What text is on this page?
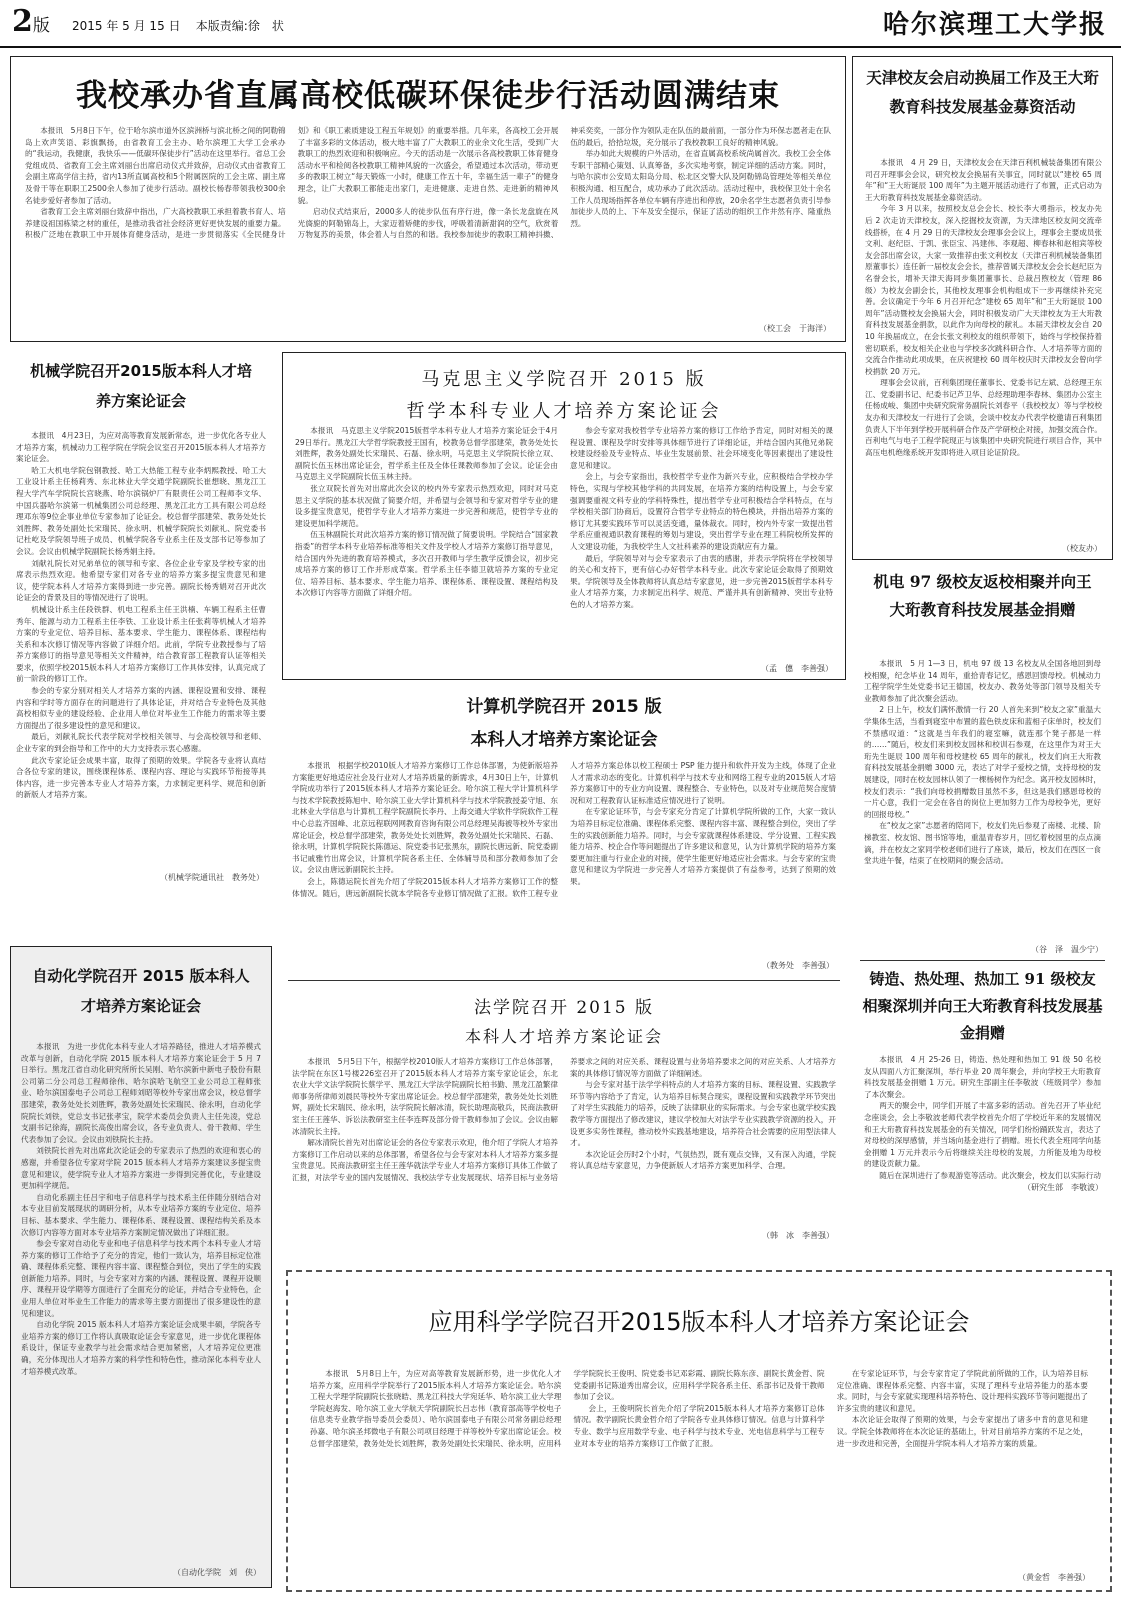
2版 2015 年 5 月 15 日 本版责编:徐　状	哈尔滨理工大学报
我校承办省直属高校低碳环保徒步行活动圆满结束

本报讯　5月8日下午，位于哈尔滨市道外区滨洲桥与滨北桥之间的阿勒锦岛上欢声笑语、彩旗飘扬，由省教育工会主办、哈尔滨理工大学工会承办的“我运动，我健康，我快乐——低碳环保徒步行”活动在这里举行。省总工会党组成员、省教育工会主席刘丽台出席启动仪式并致辞，启动仪式由省教育工会副主席高学信主持，省内13所直属高校和5个附属医院的工会主席、副主席及骨干等在职职工2500余人参加了徒步行活动。副校长杨春带领我校300余名徒步爱好者参加了活动。

省教育工会主席刘丽台致辞中指出，广大高校教职工承担着教书育人、培养建设祖国栋梁之材的重任，是推动我省社会经济更好更快发展的重要力量。积极广泛地在教职工中开展体育健身活动，是进一步贯彻落实《全民健身计划》和《职工素质建设工程五年规划》的重要举措。几年来，各高校工会开展了丰富多彩的文体活动，极大地丰富了广大教职工的业余文化生活，受到广大教职工的热烈欢迎和积极响应。今天的活动是一次展示各高校教职工体育健身活动水平和检阅各校教职工精神风貌的一次盛会，希望通过本次活动，带动更多的教职工树立“每天锻炼一小时，健康工作五十年，幸福生活一辈子”的健身理念，让广大教职工都能走出家门，走进健康、走进自然、走进新的精神风貌。

启动仪式结束后，2000多人的徒步队伍有序行进，像一条长龙盘旋在风光旖旎的阿勒锦岛上，大家迈着矫健的步伐，呼吸着清新甜润的空气，欣赏着万物复苏的美景，体会着人与自然的和谐。我校参加徒步的教职工精神抖擞、神采奕奕，一部分作为领队走在队伍的最前面，一部分作为环保志愿者走在队伍的最后，拾拾垃圾，充分展示了我校教职工良好的精神风貌。

举办如此大规模的户外活动，在省直属高校系统尚属首次。我校工会全体专职干部精心策划、认真筹备，多次实地考察，制定详细的活动方案。同时，与哈尔滨市公安局太阳岛分局、松北区交警大队及阿勒锦岛管理处等相关单位积极沟通、相互配合，成功承办了此次活动。活动过程中，我校保卫处十余名工作人员现场指挥各单位车辆有序进出和停放，20余名学生志愿者负责引导参加徒步人员的上、下车及安全提示，保证了活动的组织工作井然有序、隆重热烈。

（校工会　于海洋）
天津校友会启动换届工作及王大珩教育科技发展基金募资活动

本报讯　4 月 29 日，天津校友会在天津百利机械装备集团有限公司召开理事会会议，研究校友会换届有关事宜，同时就以“建校 65 周年”和“王大珩诞辰 100 周年”为主题开展活动进行了布置，正式启动为王大珩教育科技发展基金募资活动。

今年 3 月以来，按照校友总会会长、校长李大勇指示，校友办先后 2 次走访天津校友，深入挖掘校友资源，为天津地区校友间交流牵线搭桥，在 4 月 29 日的天津校友会理事会会议上，理事会主要成员张文利、赵纪臣、于凯、张臣宝、冯建伟、李观超、柳春林和赵相宾等校友会部出席会议，大家一致推荐由张文利校友（天津百利机械装备集团原董事长）连任新一届校友会会长，推荐曾属天津校友会会长赵纪臣为名誉会长，增补天津天海同步集团董事长、总裁吕煦校友（管理 86 级）为校友会副会长，其他校友理事会机构组成下一步再继续补充完善。会议确定于今年 6 月召开纪念“建校 65 周年”和“王大珩诞辰 100 周年”活动暨校友会换届大会，同时积极发动广大天津校友为王大珩教育科技发展基金捐款，以此作为向母校的献礼。本届天津校友会自 2010 年换届成立，在会长张文利校友的组织带领下，始终与学校保持着密切联系，校友相关企业也与学校多次跳科研合作、人才培养等方面的交流合作推动此项成果，在庆祝建校 60 周年校庆时天津校友会曾向学校捐款 20 万元。

理事会会议前，百利集团现任董事长、党委书记左斌、总经理王东江、党委副书记、纪委书记芦卫华、总经理助理李春林、集团办公室主任杨成峻、集团中央研究院常务副院长刘春平（我校校友）等与学校校友办和天津校友一行进行了会谈，会谈中校友办代表学校邀请百利集团负责人下半年到学校开展科研合作及产学研校企对接，加强交流合作。百利电气与电子工程学院现正与该集团中央研究院进行项目合作，其中高压电机绝缘系统开发即将进入项目论证阶段。

（校友办）
机电 97 级校友返校相聚并向王大珩教育科技发展基金捐赠

本报讯　5 月 1—3 日，机电 97 级 13 名校友从全国各地回到母校相聚，纪念毕业 14 周年，重拾青春记忆，感恩回馈母校。机械动力工程学院学生处党委书记王德国，校友办、教务处等部门领导及相关专业教师参加了此次聚会活动。

2 日上午，校友们满怀激情一行 20 人首先来到“校友之家”重温大学集体生活，当看到寝室中布置的蓝色铁皮床和蓝相子床单时，校友们不禁感叹道：“这就是当年我们的寝室嘛，就连那个凳子都是一样的……”随后，校友们来到校友园林和校训石参观，在这里作为对王大珩先生诞辰 100 周年和母校建校 65 周年的献礼，校友们向王大珩教育科技发展基金捐赠 3000 元，表达了对学子爱校之情，支持母校的发展建设，同时在校友园林认领了一棵杨树作为纪念。离开校友园林时，校友们表示：“我们向母校捐赠数目虽然不多，但这是我们感恩母校的一片心意，我们一定会在各自的岗位上更加努力工作为母校争光，更好的回报母校。”

在“校友之家”志愿者的陪同下，校友们先后参观了南楼、北楼、阶梯教室、校友馆、图书馆等地，重温青春岁月，回忆着校园里的点点滴滴，并在校友之家同学校老师们进行了座谈，最后，校友们在西区一食堂共进午餐，结束了在校期间的聚会活动。

（谷　泽　温少宁）
铸造、热处理、热加工 91 级校友相聚深圳并向王大珩教育科技发展基金捐赠

本报讯　4 月 25-26 日，铸造、热处理和热加工 91 级 50 名校友从四面八方汇聚深圳，举行毕业 20 周年聚会，并向学校王大珩教育科技发展基金捐赠 1 万元。研究生部副主任李敬波（班级同学）参加了本次聚会。

两天的聚会中，同学们开展了丰富多彩的活动。首先召开了毕业纪念座谈会，会上李敬波老师代表学校首先介绍了学校近年来的发展情况和王大珩教育科技发展基金的有关情况，同学们纷纷踊跃发言，表达了对母校的深厚感情，并当场向基金进行了捐赠。班长代表全班同学向基金捐赠 1 万元并表示今后将继续关注母校的发展，力所能及地为母校的建设贡献力量。

随后在深圳进行了参观游览等活动。此次聚会，校友们以实际行动

（研究生部　李敬波）
机械学院召开2015版本科人才培养方案论证会

本报讯　4月23日，为应对高等教育发展新常态，进一步优化各专业人才培养方案，机械动力工程学院在学院会议室召开2015版本科人才培养方案论证会。

哈工大机电学院包钢教授、哈工大热能工程专业李炳熙教授、哈工大工业设计系主任杨莉秀、东北林业大学交通学院副院长崔想晓、黑龙江工程大学汽车学院院长宫晓燕、哈尔滨锅炉厂有限责任公司工程师李文华、中国兵器哈尔滨第一机械集团公司总经理、黑龙江北方工具有限公司总经理邓东等9位企事业单位专家参加了论证会。校总督学邵建荣、教务处处长刘胜辉、教务处副处长宋瑞民、徐永明、机械学院院长刘献礼、院党委书记杜屹及学院领导班子成员、机械学院各专业系主任及支部书记等参加了会议。会议由机械学院副院长杨秀娟主持。

刘献礼院长对兄弟单位的领导和专家、各位企业专家及学校专家的出席表示热烈欢迎。他希望专家们对各专业的培养方案多提宝贵意见和建议，使学院本科人才培养方案得到进一步完善。副院长杨秀娟对召开此次论证会的背景及目的等情况进行了说明。

机械设计系主任段铁群、机电工程系主任王洪楠、车辆工程系主任曹秀年、能源与动力工程系主任李铁、工业设计系主任张莉等机械人才培养方案的专业定位、培养目标、基本要求、学生能力、课程体系、课程结构关系和本次修订情况等内容做了详细介绍。此前，学院专业教授参与了培养方案修订的指导意见等相关文件精神，结合教育部工程教育认证等相关要求，依照学校2015版本科人才培养方案修订工作具体安排，认真完成了前一阶段的修订工作。

参会的专家分别对相关人才培养方案的内涵、课程设置和安排、课程内容和学时等方面存在的问题进行了具体论证，并对结合专业特色及其他高校相似专业的建设经验、企业用人单位对毕业生工作能力的需求等主要方面提出了很多建设性的意见和建议。

最后，刘献礼院长代表学院对学校相关领导、与会高校领导和老师、企业专家的到会指导和工作中的大力支持表示衷心感谢。

此次专家论证会成果丰富，取得了预期的效果。学院各专业将认真结合各位专家的建议，围绕课程体系、课程内容、理论与实践环节衔接等具体内容，进一步完善本专业人才培养方案，力求制定更科学、规范和创新的新版人才培养方案。

（机械学院通讯社　教务处）
自动化学院召开 2015 版本科人才培养方案论证会

本报讯　为进一步优化本科专业人才培养路径，推进人才培养模式改革与创新，自动化学院 2015 版本科人才培养方案论证会于 5 月 7 日举行。黑龙江省自动化研究所所长吴刚、哈尔滨新中新电子股份有限公司第二分公司总工程师徐伟、哈尔滨哈飞航空工业公司总工程师张业、哈尔滨国泰电子公司总工程师刘昭等校外专家出席会议，校总督学邵建荣，教务处处长刘胜辉，教务处副处长宋瑞民、徐永明，自动化学院院长刘铁，党总支书记张孝宝，院学术委员会负责人主任先凌，党总支副书记徐海，副院长高俊出席会议，各专业负责人、骨干教师、学生代表参加了会议。会议由刘铁院长主持。

刘铁院长首先对出席此次论证会的专家表示了热烈的欢迎和衷心的感谢，并希望各位专家对学院 2015 版本科人才培养方案建议多提宝贵意见和建议，使学院专业人才培养方案进一步得到完善优化，专业建设更加科学规范。

自动化系副主任吕宇和电子信息科学与技术系主任伴随分别结合对本专业目前发展现状的调研分析，从本专业培养方案的专业定位、培养目标、基本要求、学生能力、课程体系、课程设置、课程结构关系及本次修订内容等方面对本专业培养方案制定情况做出了详细汇报。

参会专家对自动化专业和电子信息科学与技术两个本科专业人才培养方案的修订工作给予了充分的肯定，他们一致认为，培养目标定位准确、课程体系完整、课程内容丰富、课程整合到位，突出了学生的实践创新能力培养。同时，与会专家对方案的内涵、课程设置、课程开设顺序、课程开设学期等方面进行了全面充分的论证，并结合专业特色，企业用人单位对毕业生工作能力的需求等主要方面提出了很多建设性的意见和建议。

自动化学院 2015 版本科人才培养方案论证会成果丰硕，学院各专业培养方案的修订工作将认真吸取论证会专家意见，进一步优化课程体系设计，保证专业教学与社会需求结合更加紧密，人才培养定位更准确，充分体现出人才培养方案的科学性和特色性，推动深化本科专业人才培养模式改革。

（自动化学院　刘　侠）
马克思主义学院召开 2015 版
哲学本科专业人才培养方案论证会

本报讯　马克思主义学院2015版哲学本科专业人才培养方案论证会于4月29日举行。黑龙江大学哲学院教授王国有，校教务总督学邵建荣，教务处处长刘胜辉，教务处副处长宋瑞民、石磊、徐永明，马克思主义学院院长徐立双、副院长伍玉林出席论证会，哲学系主任及全体任课教师参加了会议。论证会由马克思主义学院副院长伍玉林主持。

张立双院长首先对出席此次会议的校内外专家表示热烈欢迎，同时对马克思主义学院的基本状况做了简要介绍，并希望与会领导和专家对哲学专业的建设多提宝贵意见，使哲学专业人才培养方案进一步完善和规范，使哲学专业的建设更加科学规范。

伍玉林副院长对此次培养方案的修订情况做了简要说明。学院结合“国家教指委”的哲学本科专业培养标准等相关文件及学校人才培养方案修订指导意见，结合国内外先进的教育培养模式，多次召开教师与学生教学反馈会议，初步完成培养方案的修订工作并形成草案。哲学系主任李德卫就培养方案的专业定位、培养目标、基本要求、学生能力培养、课程体系、课程设置、课程结构及本次修订内容等方面做了详细介绍。

参会专家对我校哲学专业培养方案的修订工作给予肯定，同时对相关的课程设置、课程及学时安排等具体细节进行了详细论证，并结合国内其他兄弟院校建设经验及专业特点、毕业生发展前景、社会环境变化等因素提出了建设性意见和建议。

会上，与会专家指出，我校哲学专业作为新兴专业，应积极结合学校办学特色，实现与学校其他学科的共同发展，在培养方案的结构设置上，与会专家强调要重视文科专业的学科特殊性，提出哲学专业可积极结合学科特点，在与学校相关部门协商后，设置符合哲学专业特点的特色模块，并指出培养方案的修订尤其要实践环节可以灵活变通，量体裁衣。同时，校内外专家一致提出哲学系应重视通识教育课程的筹划与建设，突出哲学专业在理工科院校所发挥的人文建设功能，为我校学生人文社科素养的建设贡献应有力量。

最后，学院领导对与会专家表示了由衷的感谢，并表示学院将在学校领导的关心和支持下，更有信心办好哲学本科专业。此次专家论证会取得了预期效果。学院领导及全体教师将认真总结专家意见，进一步完善2015版哲学本科专业人才培养方案，力求制定出科学、规范、严谨并具有创新精神、突出专业特色的人才培养方案。

（孟　僡　李善强）
计算机学院召开 2015 版
本科人才培养方案论证会

本报讯　根据学校2010版人才培养方案修订工作总体部署，为使新版培养方案能更好地适应社会及行业对人才培养质量的新需求，4月30日上午，计算机学院成功举行了2015版本科人才培养方案论证会。哈尔滨工程大学计算机科学与技术学院教授陈旭中、哈尔滨工业大学计算机科学与技术学院教授姜守旭、东北林业大学信息与计算机工程学院副院长李丹、上海交通大学软件学院软件工程中心总监齐国峰、北京远程联网网教育咨询有限公司总经理吴海被等校外专家出席论证会，校总督学邵建荣，教务处处长刘胜辉，教务处副处长宋瑞民、石磊、徐永明，计算机学院院长陈德运、院党委书记张黑东，副院长唐远新、院党委副书记戚雅竹出席会议，计算机学院各系主任、全体辅导员和部分教师参加了会议。会议由唐远新副院长主持。

会上，陈德运院长首先介绍了学院2015版本科人才培养方案修订工作的整体情况。随后，唐远新副院长就本学院各专业修订情况做了汇报。软件工程专业人才培养方案总体以校工程硕士 PSP 能力提升和软件开发为主线，体现了企业人才需求动态的变化。计算机科学与技术专业和网络工程专业的2015版人才培养方案修订中的专业方向设置、课程整合、专业特色，以及对专业规范契合度情况和对工程教育认证标准适应情况进行了说明。

在专家论证环节，与会专家充分肯定了计算机学院所做的工作，大家一致认为培养目标定位准确、课程体系完整、课程内容丰富、课程整合到位，突出了学生的实践创新能力培养。同时，与会专家就课程体系建设、学分设置、工程实践能力培养、校企合作等问题提出了许多建议和意见，认为计算机学院的培养方案要更加注重与行业企业的对接，使学生能更好地适应社会需求。与会专家的宝贵意见和建议为学院进一步完善人才培养方案提供了有益参考，达到了预期的效果。

（教务处　李善强）
法学院召开 2015 版
本科人才培养方案论证会

本报讯　5月5日下午，根据学校2010版人才培养方案修订工作总体部署，法学院在东区1号楼226室召开了2015版本科人才培养方案专家论证会，东北农业大学文法学院院长蔡学平、黑龙江大学法学院副院长柏书勤、黑龙江盈繁律师事务所律师刘晨民等校外专家出席论证会。校总督学邵建荣，教务处处长刘胜辉，副处长宋瑞民、徐永明，法学院院长解冰清，院长助理高敬兵，民商法教研室主任王莲华、诉讼法教研室主任李连晖及部分骨干教师参加了会议。会议由解冰清院长主持。

解冰清院长首先对出席论证会的各位专家表示欢迎，他介绍了学院人才培养方案修订工作启动以来的总体部署，希望各位与会专家对本科人才培养方案多提宝贵意见。民商法教研室主任王莲华就法学专业人才培养方案修订具体工作做了汇报，对法学专业的国内发展情况、我校法学专业发展现状、培养目标与业务培养要求之间的对应关系、课程设置与业务培养要求之间的对应关系、人才培养方案的具体修订情况等方面做了详细阐述。

与会专家对基于法学学科特点的人才培养方案的目标、课程设置、实践教学环节等内容给予了肯定，认为培养目标契合现实，课程设置和实践教学环节突出了对学生实践能力的培养，反映了法律职业的实际需求。与会专家也就学校实践教学等方面提出了修改建议，建议学校加大对法学专业实践教学资源的投入，开设更多实务性课程，推动校外实践基地建设，培养符合社会需要的应用型法律人才。

本次论证会历时2个小时，气氛热烈，既有观点交锋，又有深入沟通，学院将认真总结专家意见，力争使新版人才培养方案更加科学、合理。

（韩　冰　李善强）
应用科学学院召开2015版本科人才培养方案论证会

本报讯　5月8日上午，为应对高等教育发展新形势，进一步优化人才培养方案，应用科学学院举行了2015版本科人才培养方案论证会。哈尔滨工程大学理学院副院长张晓皓、黑龙江科技大学宛延华、哈尔滨工业大学理学院赵海发、哈尔滨工业大学航天学院副院长吕志伟（教育部高等学校电子信息类专业教学指导委员会委员）、哈尔滨国泰电子有限公司常务副总经理孙嘉、哈尔滨圣邦微电子有限公司项目经理于祥等校外专家出席论证会。校总督学邵建荣，教务处处长刘胜辉，教务处副处长宋瑞民、徐永明，应用科学学院院长王俊明、院党委书记邓彩霞、副院长陈东彦、副院长黄金哲、院党委副书记陈道秀出席会议，应用科学学院各系主任、系部书记及骨干教师参加了会议。

会上，王俊明院长首先介绍了学院2015版本科人才培养方案修订总体情况。教学副院长黄金哲介绍了学院各专业具体修订情况。信息与计算科学专业、数学与应用数学专业、电子科学与技术专业、光电信息科学与工程专业对本专业的培养方案修订工作做了汇报。

在专家论证环节，与会专家肯定了学院此前所做的工作，认为培养目标定位准确、课程体系完整、内容丰富，实现了理科专业培养能力的基本要求。同时，与会专家就实现理科培养特色、设计理科实践环节等问题提出了许多宝贵的建议和意见。

本次论证会取得了预期的效果，与会专家提出了诸多中肯的意见和建议。学院全体教师将在本次论证的基础上，针对目前培养方案的不足之处，进一步改进和完善，全面提升学院本科人才培养方案的质量。

（黄金哲　李善强）
